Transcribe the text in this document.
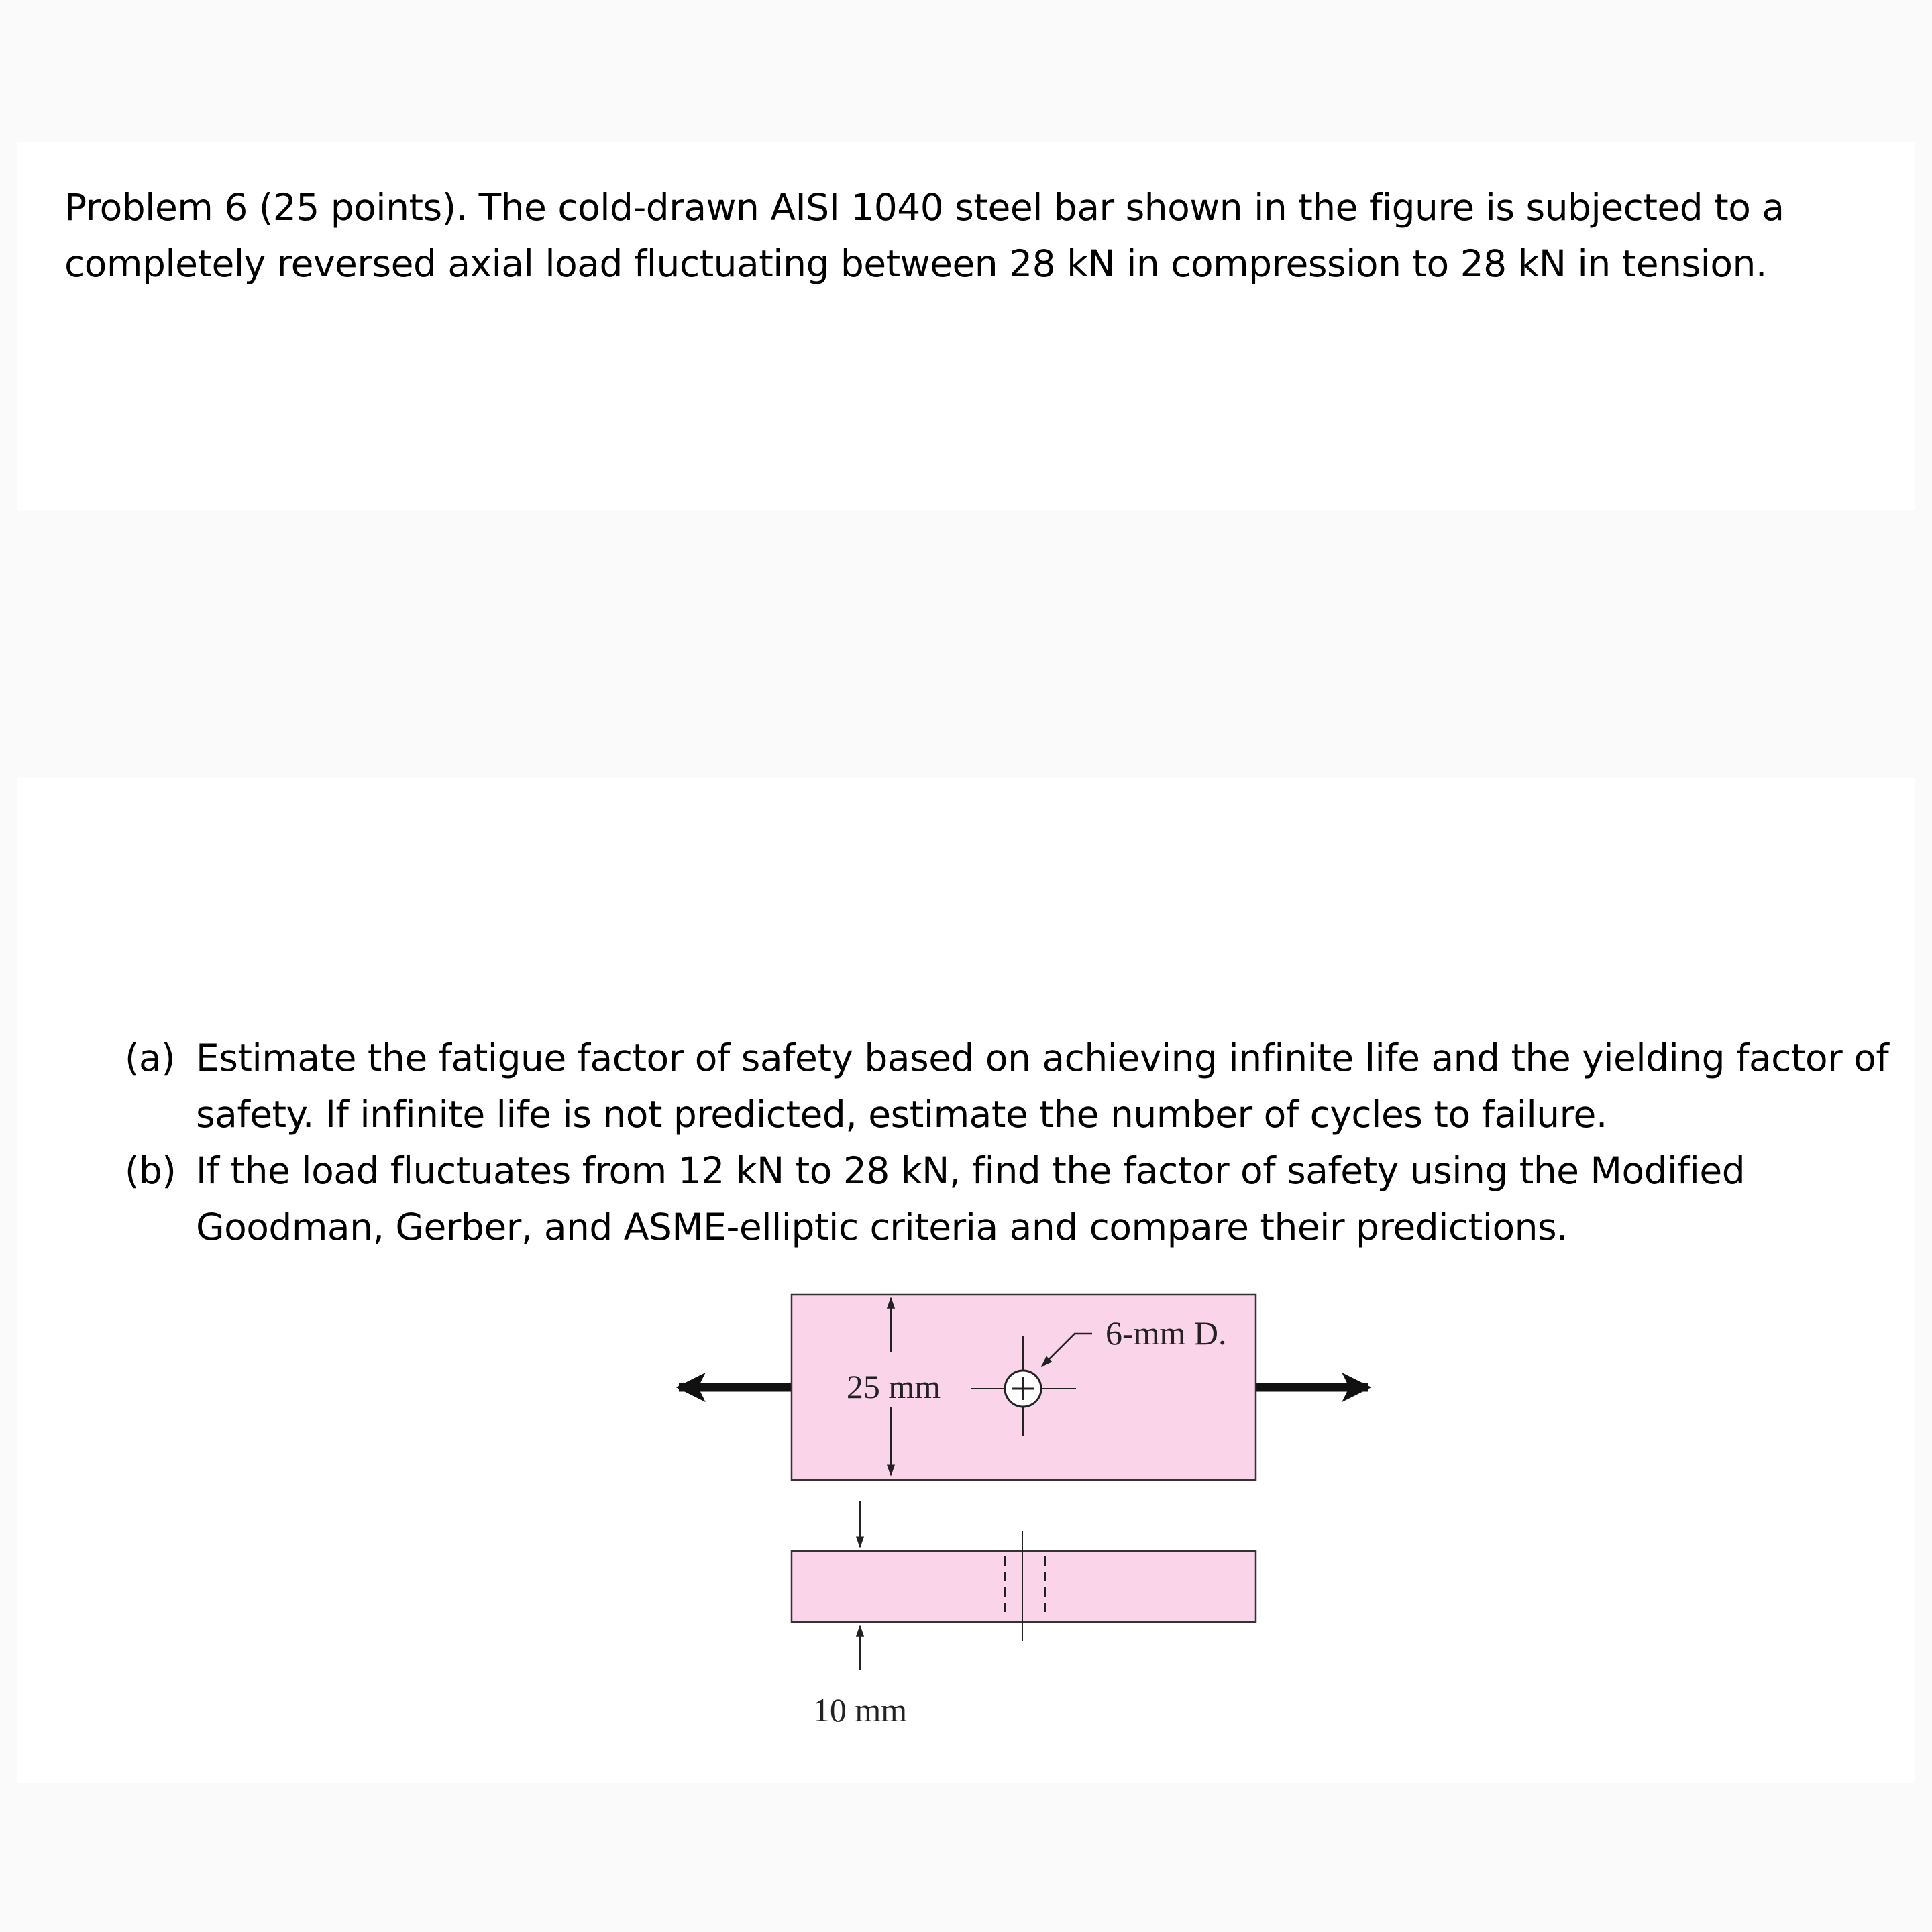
Problem 6 (25 points). The cold-drawn AISI 1040 steel bar shown in the figure is subjected to a completely reversed axial load fluctuating between 28 kN in compression to 28 kN in tension.

(a) Estimate the fatigue factor of safety based on achieving infinite life and the yielding factor of safety. If infinite life is not predicted, estimate the number of cycles to failure.
(b) If the load fluctuates from 12 kN to 28 kN, find the factor of safety using the Modified Goodman, Gerber, and ASME-elliptic criteria and compare their predictions.
25 mm
6-mm D.
10 mm
